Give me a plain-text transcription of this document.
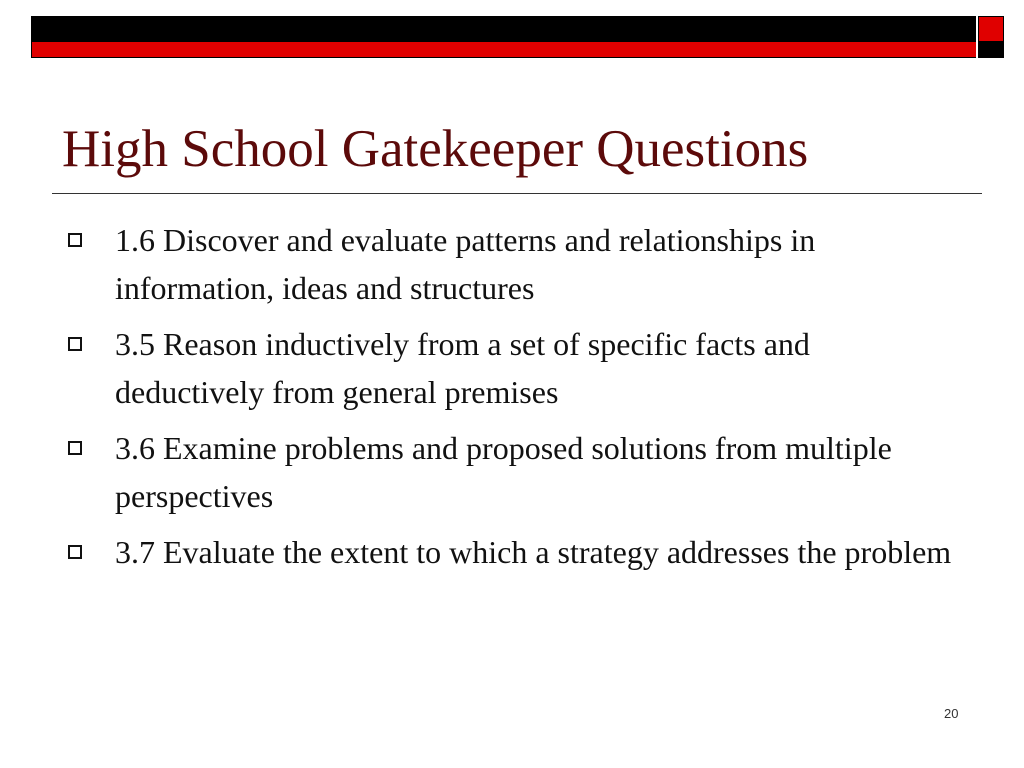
High School Gatekeeper Questions
1.6 Discover and evaluate patterns and relationships in information, ideas and structures
3.5 Reason inductively from a set of specific facts and deductively from general premises
3.6 Examine problems and proposed solutions from multiple perspectives
3.7 Evaluate the extent to which a strategy addresses the problem
20
